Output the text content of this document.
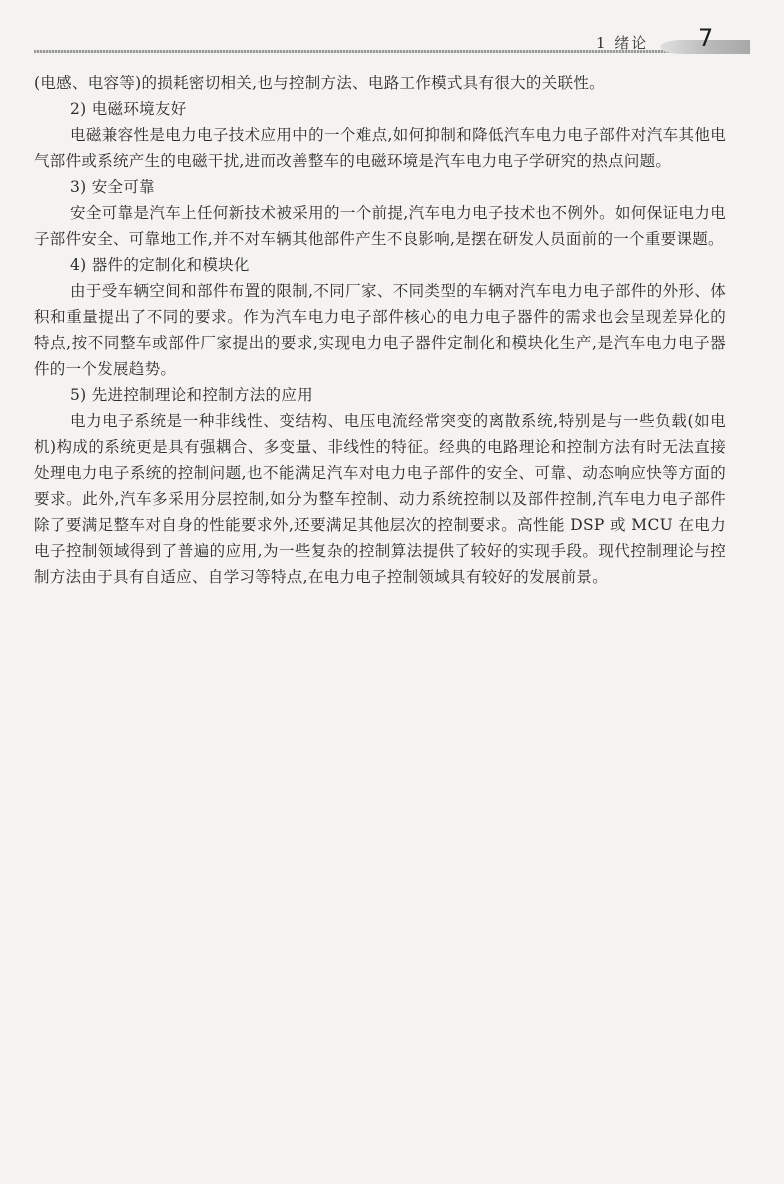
1 绪论 7

(电感、电容等)的损耗密切相关,也与控制方法、电路工作模式具有很大的关联性。

2) 电磁环境友好

电磁兼容性是电力电子技术应用中的一个难点,如何抑制和降低汽车电力电子部件对汽车其他电气部件或系统产生的电磁干扰,进而改善整车的电磁环境是汽车电力电子学研究的热点问题。

3) 安全可靠

安全可靠是汽车上任何新技术被采用的一个前提,汽车电力电子技术也不例外。如何保证电力电子部件安全、可靠地工作,并不对车辆其他部件产生不良影响,是摆在研发人员面前的一个重要课题。

4) 器件的定制化和模块化

由于受车辆空间和部件布置的限制,不同厂家、不同类型的车辆对汽车电力电子部件的外形、体积和重量提出了不同的要求。作为汽车电力电子部件核心的电力电子器件的需求也会呈现差异化的特点,按不同整车或部件厂家提出的要求,实现电力电子器件定制化和模块化生产,是汽车电力电子器件的一个发展趋势。

5) 先进控制理论和控制方法的应用

电力电子系统是一种非线性、变结构、电压电流经常突变的离散系统,特别是与一些负载(如电机)构成的系统更是具有强耦合、多变量、非线性的特征。经典的电路理论和控制方法有时无法直接处理电力电子系统的控制问题,也不能满足汽车对电力电子部件的安全、可靠、动态响应快等方面的要求。此外,汽车多采用分层控制,如分为整车控制、动力系统控制以及部件控制,汽车电力电子部件除了要满足整车对自身的性能要求外,还要满足其他层次的控制要求。高性能 DSP 或 MCU 在电力电子控制领域得到了普遍的应用,为一些复杂的控制算法提供了较好的实现手段。现代控制理论与控制方法由于具有自适应、自学习等特点,在电力电子控制领域具有较好的发展前景。
